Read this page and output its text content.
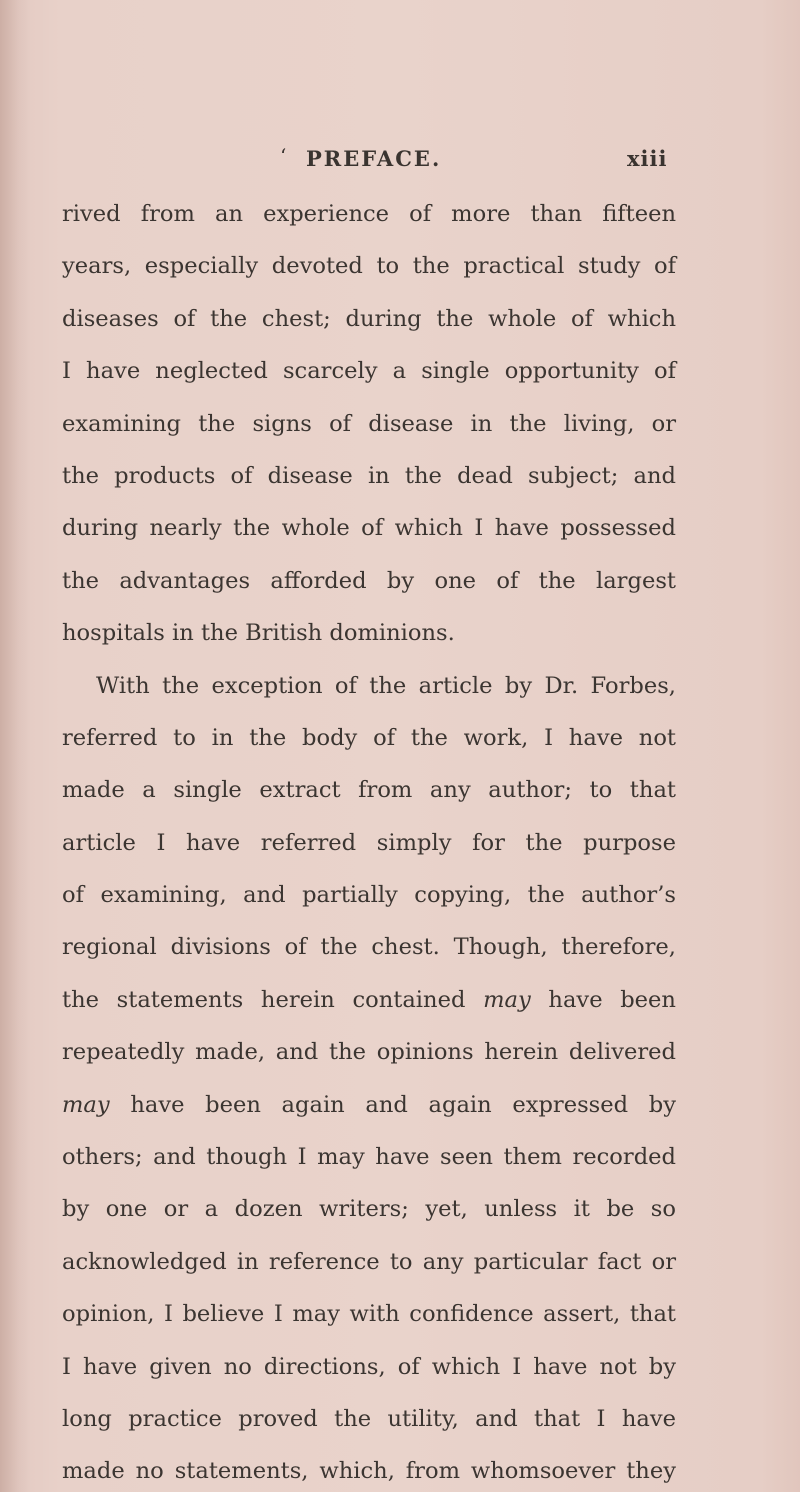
‘ PREFACE.	xiii
rived from an experience of more than fifteen
years, especially devoted to the practical study of
diseases of the chest; during the whole of which
I have neglected scarcely a single opportunity of
examining the signs of disease in the living, or
the products of disease in the dead subject; and
during nearly the whole of which I have possessed
the advantages afforded by one of the largest
hospitals in the British dominions.
With the exception of the article by Dr. Forbes,
referred to in the body of the work, I have not
made a single extract from any author; to that
article I have referred simply for the purpose
of examining, and partially copying, the author’s
regional divisions of the chest. Though, therefore,
the statements herein contained may have been
repeatedly made, and the opinions herein delivered
may have been again and again expressed by
others; and though I may have seen them recorded
by one or a dozen writers; yet, unless it be so
acknowledged in reference to any particular fact or
opinion, I believe I may with confidence assert, that
I have given no directions, of which I have not by
long practice proved the utility, and that I have
made no statements, which, from whomsoever they
